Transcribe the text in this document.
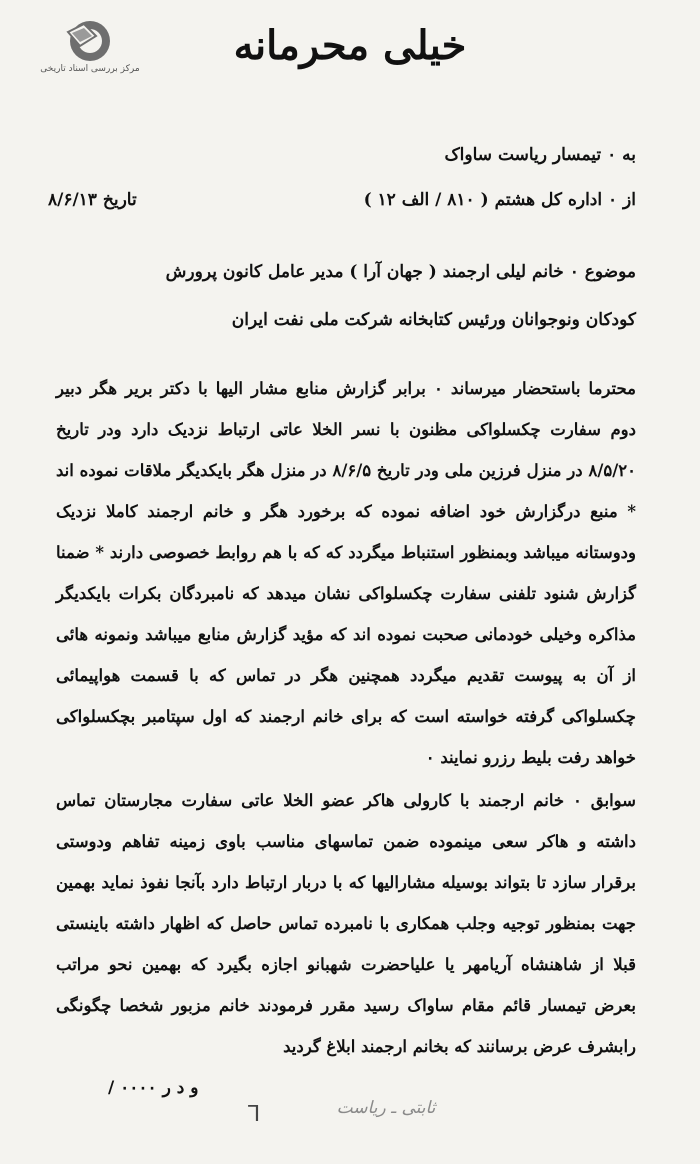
مرکز بررسی اسناد تاریخی	خیلی محرمانه
به ۰ تیمسار ریاست ساواک
از ۰ اداره کل هشتم ( ۸۱۰ / الف ۱۲ )
تاریخ ۸/۶/۱۳
موضوع ۰ خانم لیلی ارجمند ( جهان آرا ) مدیر عامل کانون پرورش
کودکان ونوجوانان ورئیس کتابخانه شرکت ملی نفت ایران
محترما باستحضار میرساند ۰ برابر گزارش منابع مشار الیها با دکتر بریر هگر دبیر دوم سفارت چکسلواکی مظنون با نسر الخلا عاتی ارتباط نزدیک دارد ودر تاریخ ۸/۵/۲۰ در منزل فرزین ملی ودر تاریخ ۸/۶/۵ در منزل هگر بایکدیگر ملاقات نموده اند * منبع درگزارش خود اضافه نموده که برخورد هگر و خانم ارجمند کاملا نزدیک ودوستانه میباشد وبمنظور استنباط میگردد که که با هم روابط خصوصی دارند * ضمنا گزارش شنود تلفنی سفارت چکسلواکی نشان میدهد که نامبردگان بکرات بایکدیگر مذاکره وخیلی خودمانی صحبت نموده اند که مؤید گزارش منابع میباشد ونمونه هائی از آن به پیوست تقدیم میگردد همچنین هگر در تماس که با قسمت هواپیمائی چکسلواکی گرفته خواسته است که برای خانم ارجمند که اول سپتامبر بچکسلواکی خواهد رفت بلیط رزرو نمایند ۰
سوابق ۰ خانم ارجمند با کارولی هاکر عضو الخلا عاتی سفارت مجارستان تماس داشته و هاکر سعی مینموده ضمن تماسهای مناسب باوی زمینه تفاهم ودوستی برقرار سازد تا بتواند بوسیله مشارالیها که با دربار ارتباط دارد بآنجا نفوذ نماید بهمین جهت بمنظور توجیه وجلب همکاری با نامبرده تماس حاصل که اظهار داشته باینستی قبلا از شاهنشاه آریامهر یا علیاحضرت شهبانو اجازه بگیرد که بهمین نحو مراتب بعرض تیمسار قائم مقام ساواک رسید مقرر فرمودند خانم مزبور شخصا چگونگی رابشرف عرض برسانند که بخانم ارجمند ابلاغ گردید
و د ر ۰۰۰۰ /
ثابتی ـ ریاست
⅂
